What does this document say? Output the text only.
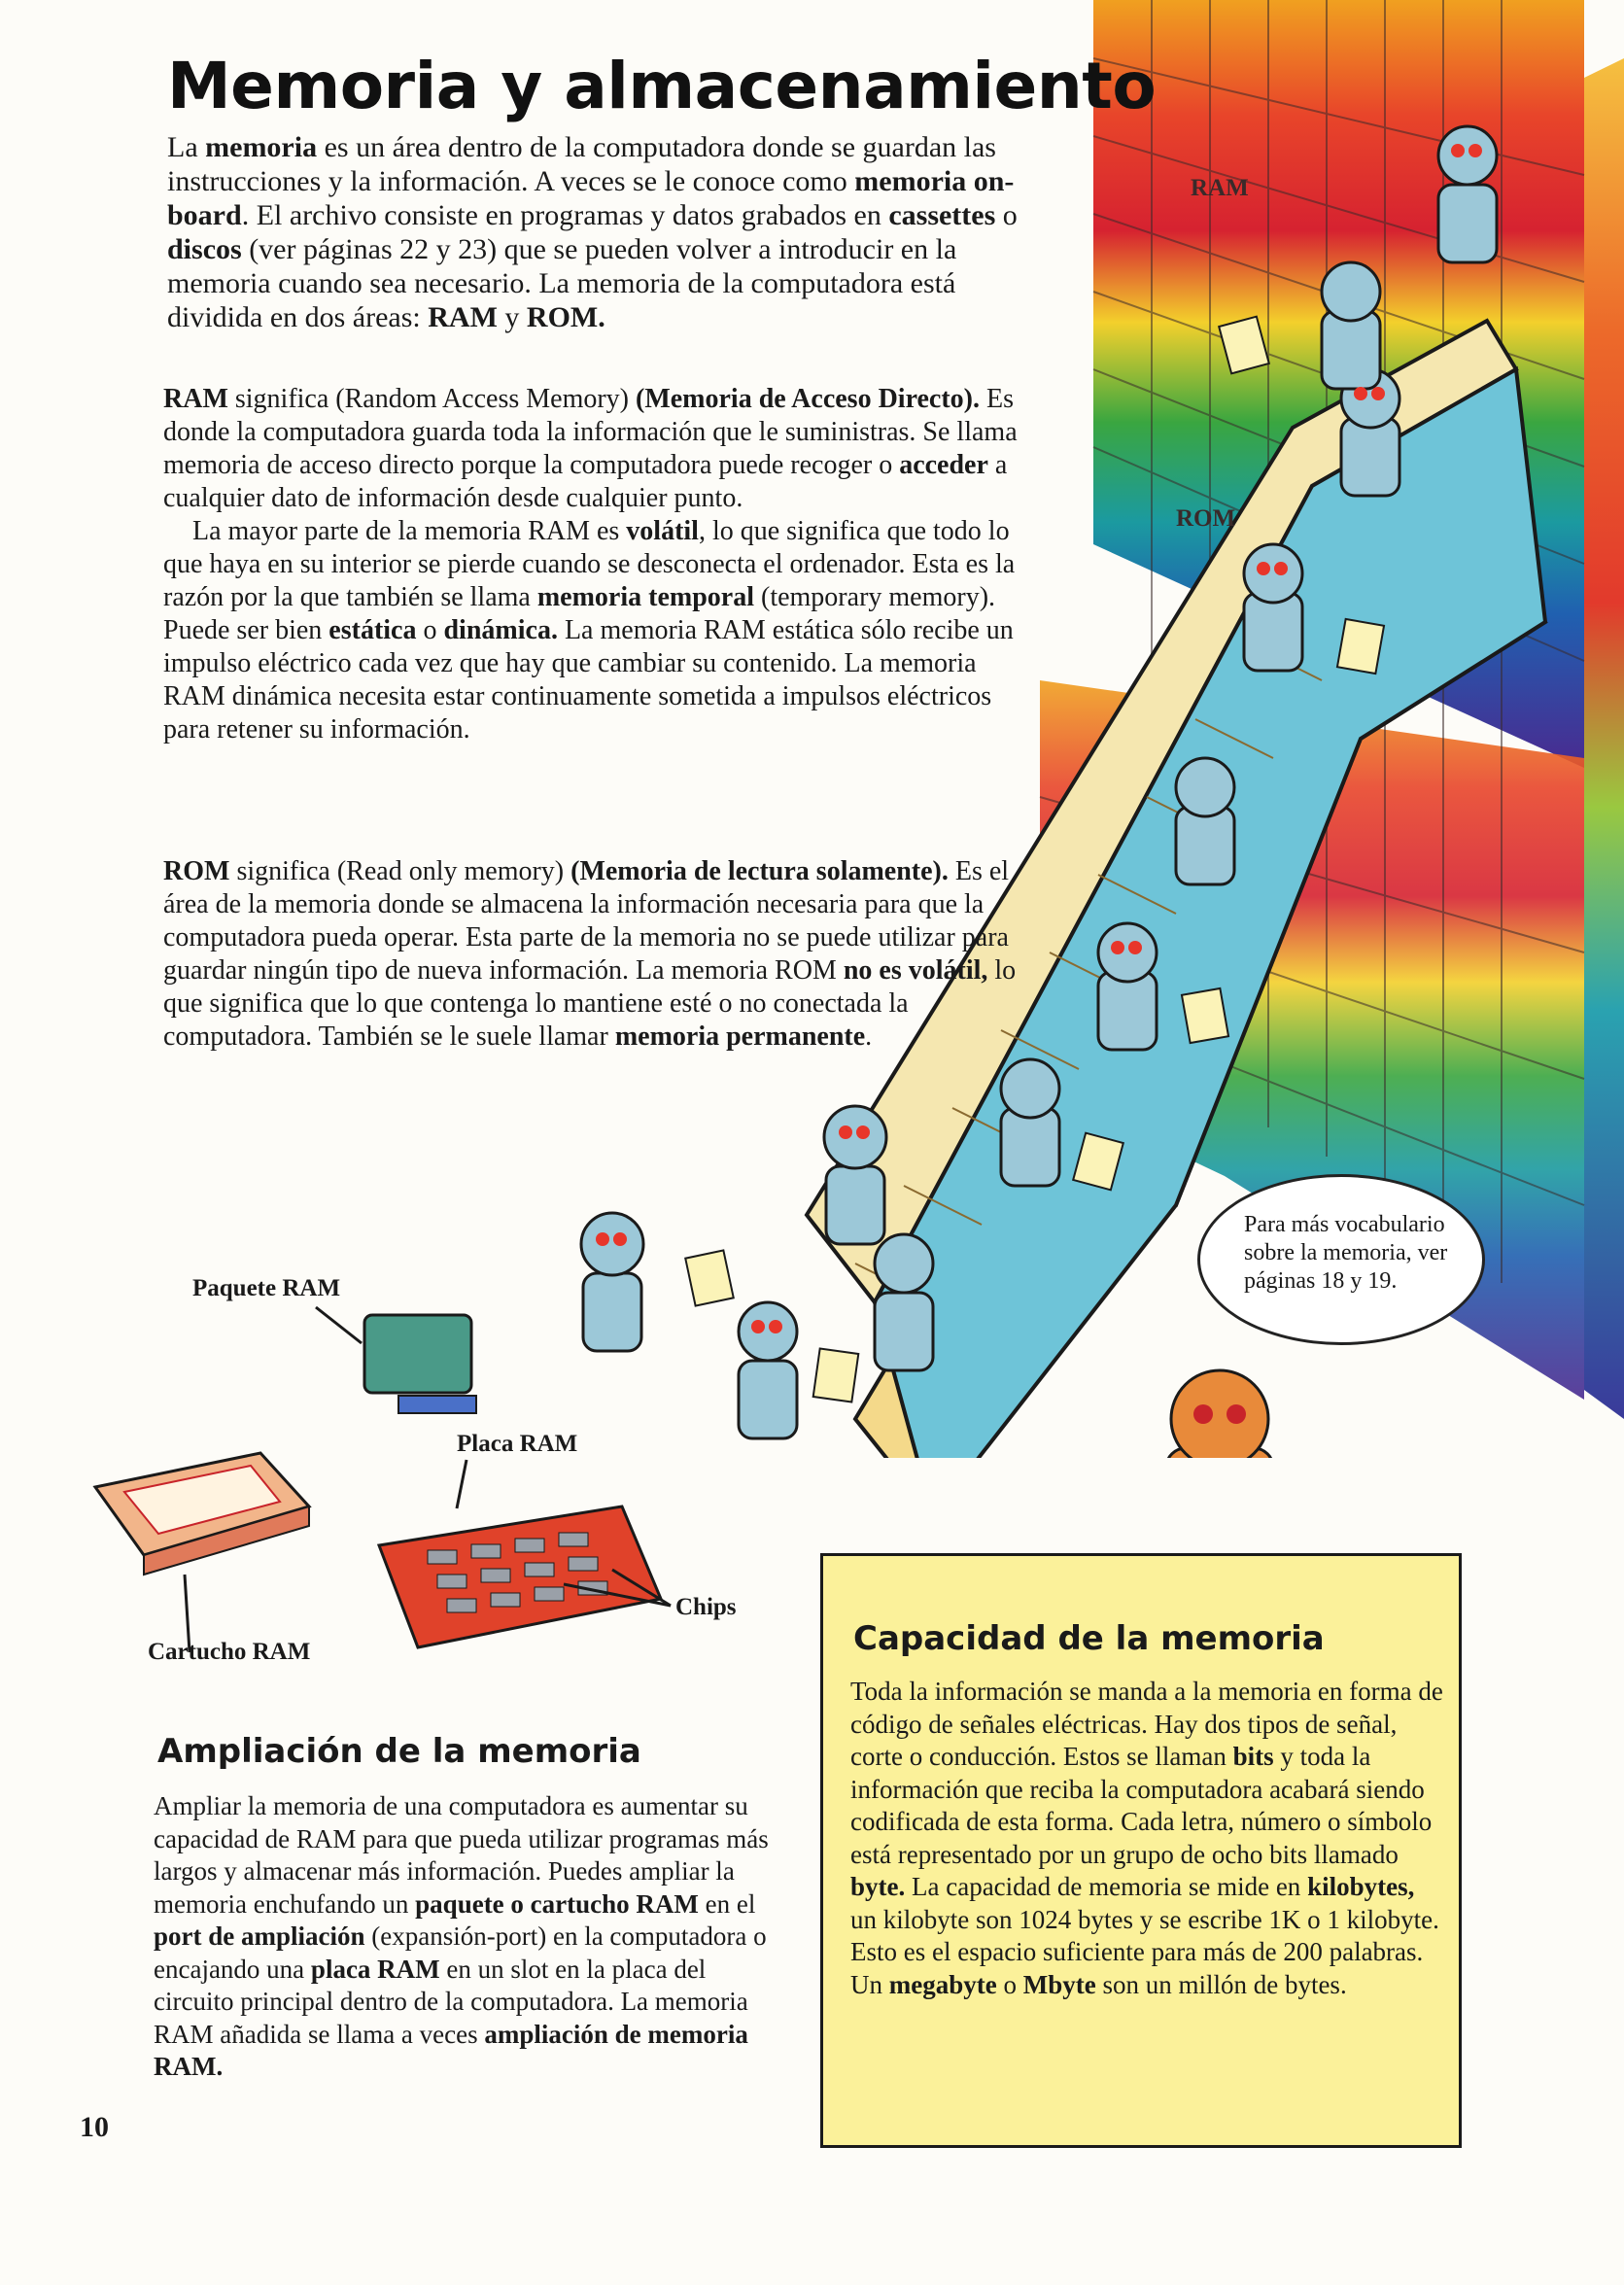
Memoria y almacenamiento

La memoria es un área dentro de la computadora donde se guardan las instrucciones y la información. A veces se le conoce como memoria on-board. El archivo consiste en programas y datos grabados en cassettes o discos (ver páginas 22 y 23) que se pueden volver a introducir en la memoria cuando sea necesario. La memoria de la computadora está dividida en dos áreas: RAM y ROM.

RAM significa (Random Access Memory) (Memoria de Acceso Directo). Es donde la computadora guarda toda la información que le suministras. Se llama memoria de acceso directo porque la computadora puede recoger o acceder a cualquier dato de información desde cualquier punto.

La mayor parte de la memoria RAM es volátil, lo que significa que todo lo que haya en su interior se pierde cuando se desconecta el ordenador. Esta es la razón por la que también se llama memoria temporal (temporary memory). Puede ser bien estática o dinámica. La memoria RAM estática sólo recibe un impulso eléctrico cada vez que hay que cambiar su contenido. La memoria RAM dinámica necesita estar continuamente sometida a impulsos eléctricos para retener su información.

ROM significa (Read only memory) (Memoria de lectura solamente). Es el área de la memoria donde se almacena la información necesaria para que la computadora pueda operar. Esta parte de la memoria no se puede utilizar para guardar ningún tipo de nueva información. La memoria ROM no es volátil, lo que significa que lo que contenga lo mantiene esté o no conectada la computadora. También se le suele llamar memoria permanente.

RAM
ROM
Paquete RAM
Placa RAM
Cartucho RAM
Chips
Para más vocabulario sobre la memoria, ver páginas 18 y 19.
Ampliación de la memoria

Ampliar la memoria de una computadora es aumentar su capacidad de RAM para que pueda utilizar programas más largos y almacenar más información. Puedes ampliar la memoria enchufando un paquete o cartucho RAM en el port de ampliación (expansión-port) en la computadora o encajando una placa RAM en un slot en la placa del circuito principal dentro de la computadora. La memoria RAM añadida se llama a veces ampliación de memoria RAM.

Capacidad de la memoria

Toda la información se manda a la memoria en forma de código de señales eléctricas. Hay dos tipos de señal, corte o conducción. Estos se llaman bits y toda la información que reciba la computadora acabará siendo codificada de esta forma. Cada letra, número o símbolo está representado por un grupo de ocho bits llamado byte. La capacidad de memoria se mide en kilobytes, un kilobyte son 1024 bytes y se escribe 1K o 1 kilobyte. Esto es el espacio suficiente para más de 200 palabras. Un megabyte o Mbyte son un millón de bytes.

10
